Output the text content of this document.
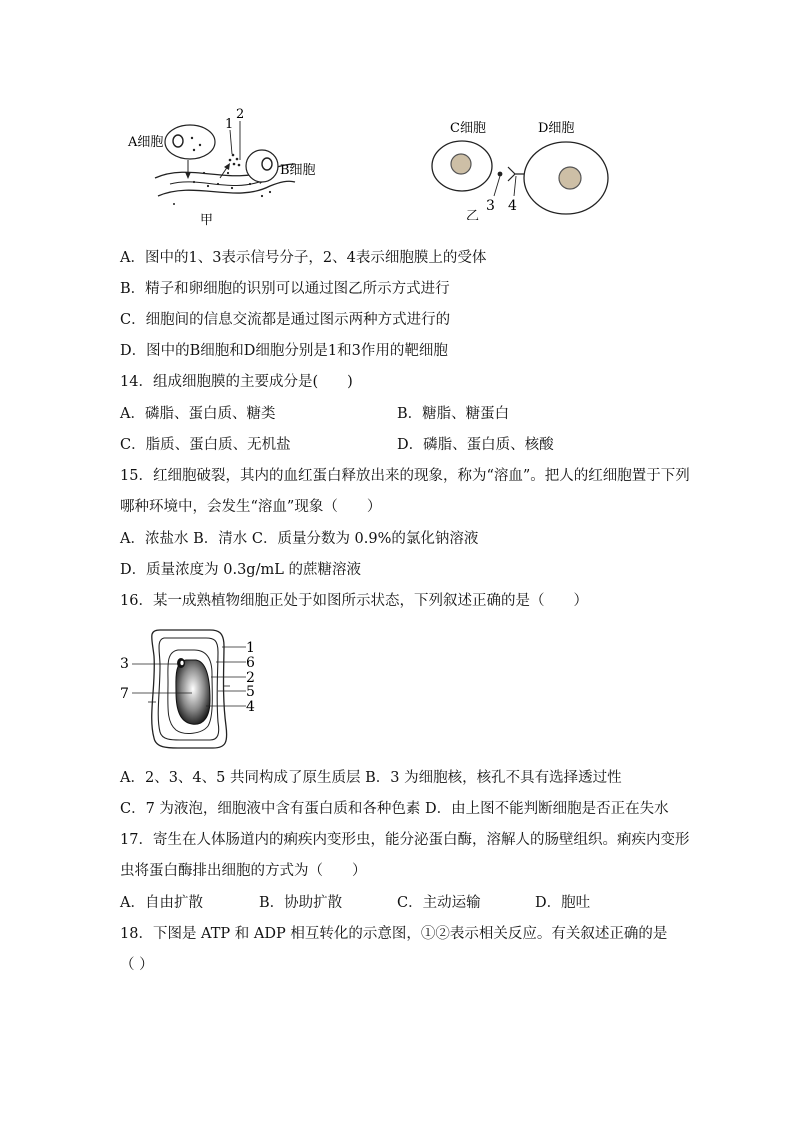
A细胞
1
2
B细胞
甲
C细胞	D细胞
3 4
乙
A．图中的1、3表示信号分子，2、4表示细胞膜上的受体
B．精子和卵细胞的识别可以通过图乙所示方式进行
C．细胞间的信息交流都是通过图示两种方式进行的
D．图中的B细胞和D细胞分别是1和3作用的靶细胞
14．组成细胞膜的主要成分是(　　)
A．磷脂、蛋白质、糖类	B．糖脂、糖蛋白
C．脂质、蛋白质、无机盐	D．磷脂、蛋白质、核酸
15．红细胞破裂，其内的血红蛋白释放出来的现象，称为“溶血”。把人的红细胞置于下列
哪种环境中，会发生“溶血”现象（　　）
A．浓盐水 B．清水 C．质量分数为 0.9%的氯化钠溶液
D．质量浓度为 0.3g/mL 的蔗糖溶液
16．某一成熟植物细胞正处于如图所示状态，下列叙述正确的是（　　）
3
7
1
6
2
5
4
A．2、3、4、5 共同构成了原生质层 B．3 为细胞核，核孔不具有选择透过性
C．7 为液泡，细胞液中含有蛋白质和各种色素 D．由上图不能判断细胞是否正在失水
17．寄生在人体肠道内的痢疾内变形虫，能分泌蛋白酶，溶解人的肠壁组织。痢疾内变形
虫将蛋白酶排出细胞的方式为（　　）
A．自由扩散	B．协助扩散	C．主动运输	D．胞吐
18．下图是 ATP 和 ADP 相互转化的示意图，①②表示相关反应。有关叙述正确的是
（ ）
